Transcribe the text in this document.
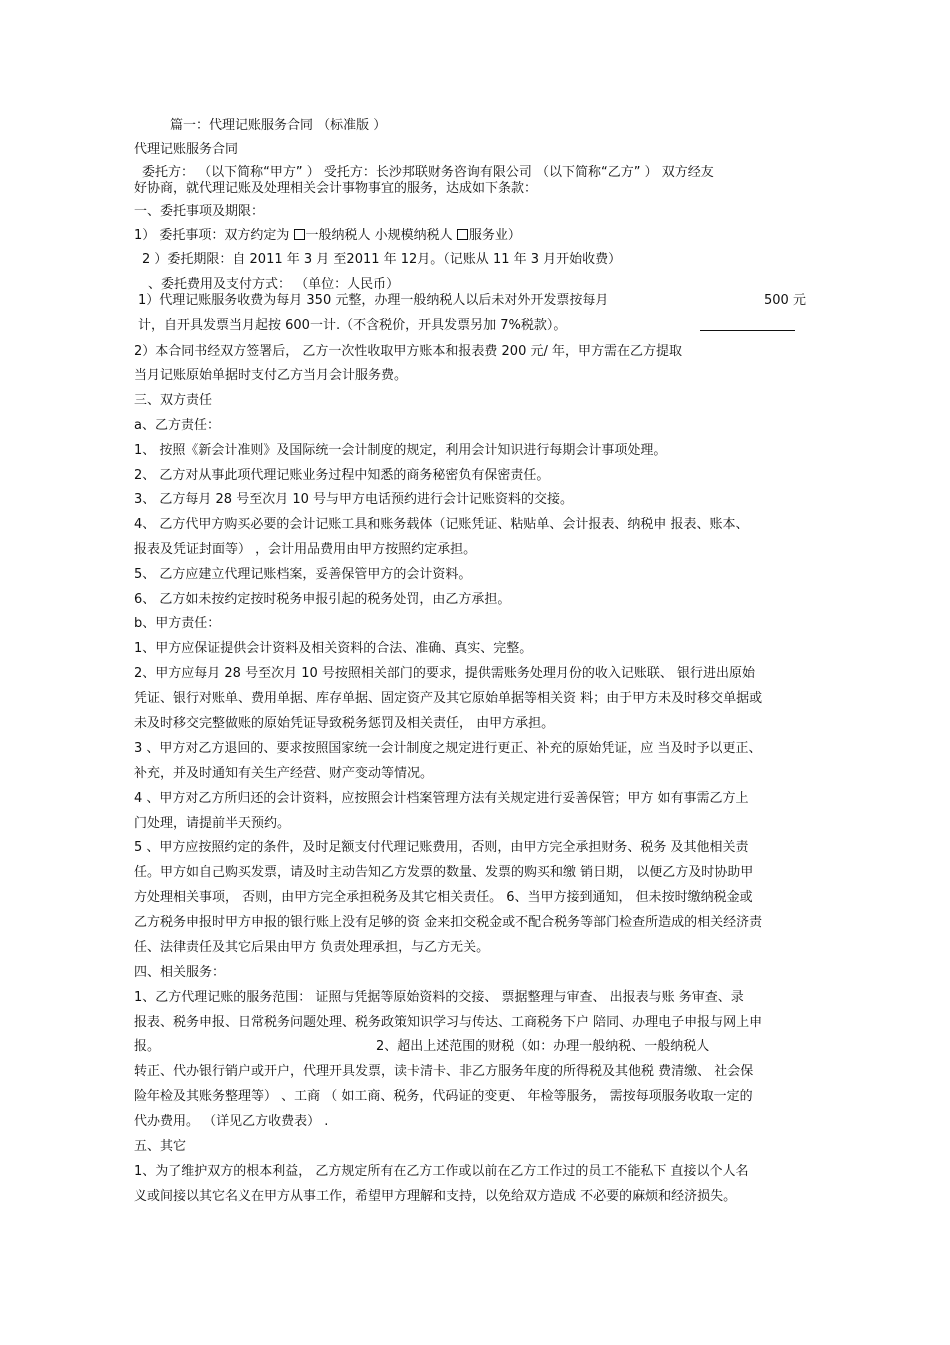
篇一：代理记账服务合同 （标准版 ）
代理记账服务合同
委托方： （以下简称“甲方” ） 受托方：长沙邦联财务咨询有限公司 （以下简称“乙方” ） 双方经友
好协商，就代理记账及处理相关会计事物事宜的服务，达成如下条款：
一、委托事项及期限：
1） 委托事项：双方约定为 一般纳税人 小规模纳税人 服务业）
2 ）委托期限：自 2011 年 3 月 至2011 年 12月。（记账从 11 年 3 月开始收费）
、委托费用及支付方式： （单位：人民币）
1）代理记账服务收费为每月 350 元整，办理一般纳税人以后未对外开发票按每月	500 元
计，自开具发票当月起按 600一计.（不含税价，开具发票另加 7%税款）。
2）本合同书经双方签署后， 乙方一次性收取甲方账本和报表费 200 元/ 年，甲方需在乙方提取
当月记账原始单据时支付乙方当月会计服务费。
三、双方责任
a、乙方责任：
1、 按照《新会计准则》及国际统一会计制度的规定，利用会计知识进行每期会计事项处理。
2、 乙方对从事此项代理记账业务过程中知悉的商务秘密负有保密责任。
3、 乙方每月 28 号至次月 10 号与甲方电话预约进行会计记账资料的交接。
4、 乙方代甲方购买必要的会计记账工具和账务载体（记账凭证、粘贴单、会计报表、纳税申 报表、账本、
报表及凭证封面等） ，会计用品费用由甲方按照约定承担。
5、 乙方应建立代理记账档案，妥善保管甲方的会计资料。
6、 乙方如未按约定按时税务申报引起的税务处罚，由乙方承担。
b、甲方责任：
1、甲方应保证提供会计资料及相关资料的合法、准确、真实、完整。
2、甲方应每月 28 号至次月 10 号按照相关部门的要求，提供需账务处理月份的收入记账联、 银行进出原始
凭证、银行对账单、费用单据、库存单据、固定资产及其它原始单据等相关资 料；由于甲方未及时移交单据或
未及时移交完整做账的原始凭证导致税务惩罚及相关责任， 由甲方承担。
3 、甲方对乙方退回的、要求按照国家统一会计制度之规定进行更正、补充的原始凭证，应 当及时予以更正、
补充，并及时通知有关生产经营、财产变动等情况。
4 、甲方对乙方所归还的会计资料，应按照会计档案管理方法有关规定进行妥善保管；甲方 如有事需乙方上
门处理，请提前半天预约。
5 、甲方应按照约定的条件，及时足额支付代理记账费用，否则，由甲方完全承担财务、税务 及其他相关责
任。甲方如自己购买发票，请及时主动告知乙方发票的数量、发票的购买和缴 销日期， 以便乙方及时协助甲
方处理相关事项， 否则，由甲方完全承担税务及其它相关责任。 6、当甲方接到通知， 但未按时缴纳税金或
乙方税务申报时甲方申报的银行账上没有足够的资 金来扣交税金或不配合税务等部门检查所造成的相关经济责
任、法律责任及其它后果由甲方 负责处理承担，与乙方无关。
四、相关服务：
1、乙方代理记账的服务范围： 证照与凭据等原始资料的交接、 票据整理与审查、 出报表与账 务审查、录
报表、税务申报、日常税务问题处理、税务政策知识学习与传达、工商税务下户 陪同、办理电子申报与网上申
报。	2、超出上述范围的财税（如：办理一般纳税、一般纳税人
转正、代办银行销户或开户，代理开具发票，读卡清卡、非乙方服务年度的所得税及其他税 费清缴、 社会保
险年检及其账务整理等） 、工商 （ 如工商、税务，代码证的变更、 年检等服务， 需按每项服务收取一定的
代办费用。 （详见乙方收费表） .
五、其它
1、为了维护双方的根本利益， 乙方规定所有在乙方工作或以前在乙方工作过的员工不能私下 直接以个人名
义或间接以其它名义在甲方从事工作，希望甲方理解和支持，以免给双方造成 不必要的麻烦和经济损失。
